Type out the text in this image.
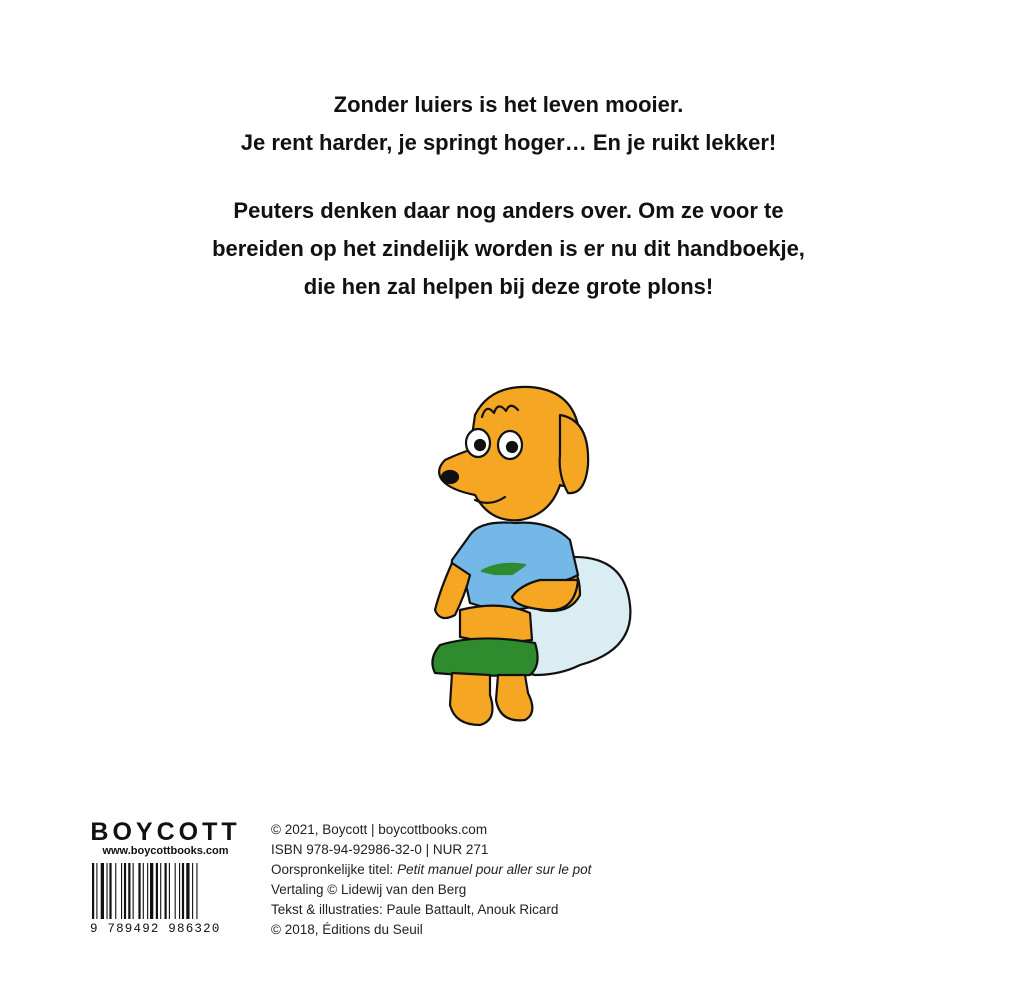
Zonder luiers is het leven mooier.

Je rent harder, je springt hoger… En je ruikt lekker!

Peuters denken daar nog anders over. Om ze voor te

bereiden op het zindelijk worden is er nu dit handboekje,

die hen zal helpen bij deze grote plons!

BOYCOTT
www.boycottbooks.com
9 789492 986320
© 2021, Boycott | boycottbooks.com
ISBN 978-94-92986-32-0 | NUR 271
Oorspronkelijke titel: Petit manuel pour aller sur le pot
Vertaling © Lidewij van den Berg
Tekst & illustraties: Paule Battault, Anouk Ricard
© 2018, Éditions du Seuil
